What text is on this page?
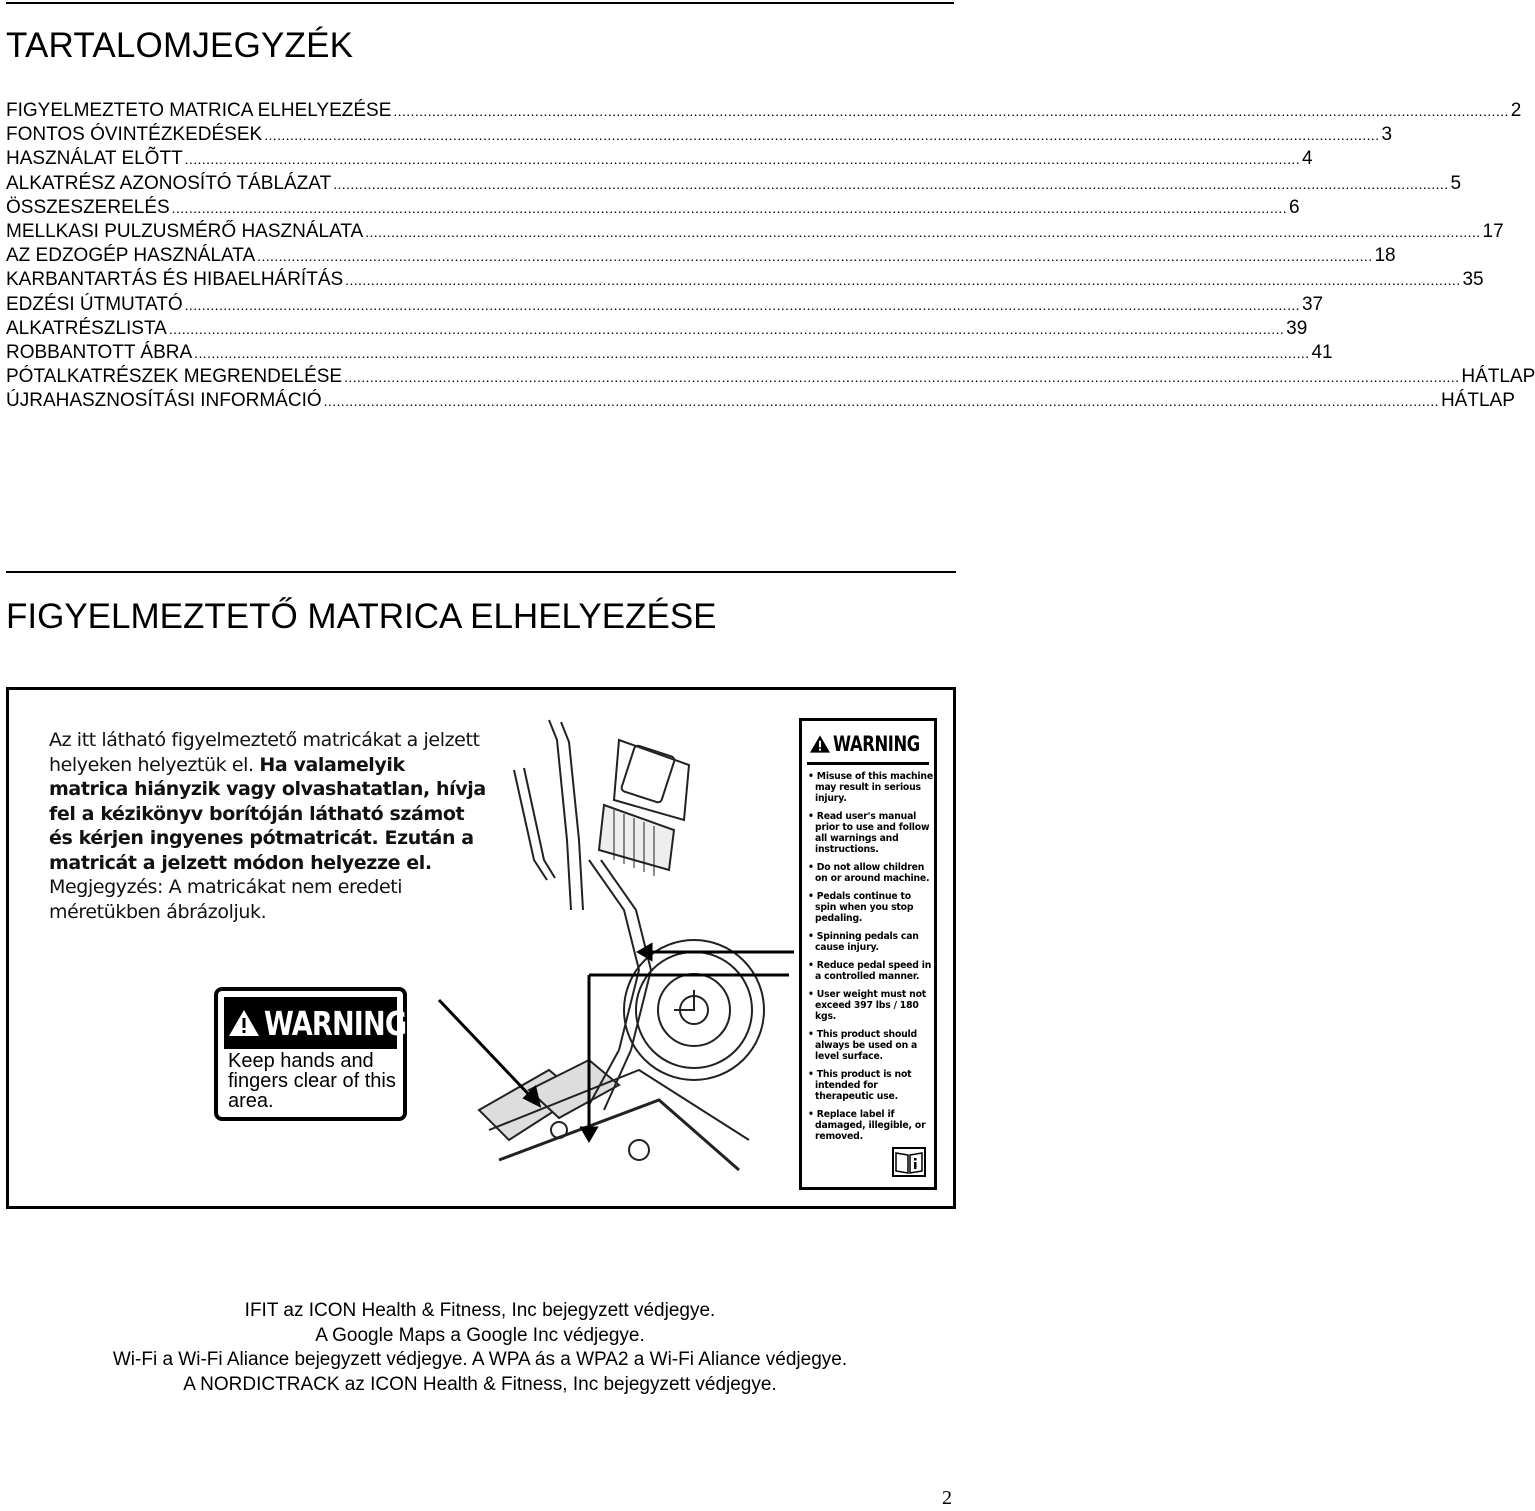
TARTALOMJEGYZÉK
FIGYELMEZTETO MATRICA ELHELYEZÉSE .....	2
FONTOS ÓVINTÉZKEDÉSEK .....	3
HASZNÁLAT ELÕTT .....	4
ALKATRÉSZ AZONOSÍTÓ TÁBLÁZAT .....	5
ÖSSZESZERELÉS .....	6
MELLKASI PULZUSMÉRŐ HASZNÁLATA .....	17
AZ EDZOGÉP HASZNÁLATA .....	18
KARBANTARTÁS ÉS HIBAELHÁRÍTÁS .....	35
EDZÉSI ÚTMUTATÓ .....	37
ALKATRÉSZLISTA .....	39
ROBBANTOTT ÁBRA .....	41
PÓTALKATRÉSZEK MEGRENDELÉSE .....	HÁTLAP
ÚJRAHASZNOSÍTÁSI INFORMÁCIÓ .....	HÁTLAP
FIGYELMEZTETŐ MATRICA ELHELYEZÉSE
Az itt látható figyelmeztető matricákat a jelzett helyeken helyeztük el. Ha valamelyik matrica hiányzik vagy olvashatatlan, hívja fel a kézikönyv borítóján látható számot és kérjen ingyenes pótmatricát. Ezután a matricát a jelzett módon helyezze el. Megjegyzés: A matricákat nem eredeti méretükben ábrázoljuk.
WARNING
Keep hands and fingers clear of this area.
WARNING
• Misuse of this machine may result in serious injury.
• Read user's manual prior to use and follow all warnings and instructions.
• Do not allow children on or around machine.
• Pedals continue to spin when you stop pedaling.
• Spinning pedals can cause injury.
• Reduce pedal speed in a controlled manner.
• User weight must not exceed 397 lbs / 180 kgs.
• This product should always be used on a level surface.
• This product is not intended for therapeutic use.
• Replace label if damaged, illegible, or removed.
IFIT az ICON Health & Fitness, Inc bejegyzett védjegye.
A Google Maps a Google Inc védjegye.
Wi-Fi a Wi-Fi Aliance bejegyzett védjegye. A WPA ás a WPA2 a Wi-Fi Aliance védjegye.
A NORDICTRACK az ICON Health & Fitness, Inc bejegyzett védjegye.
2
